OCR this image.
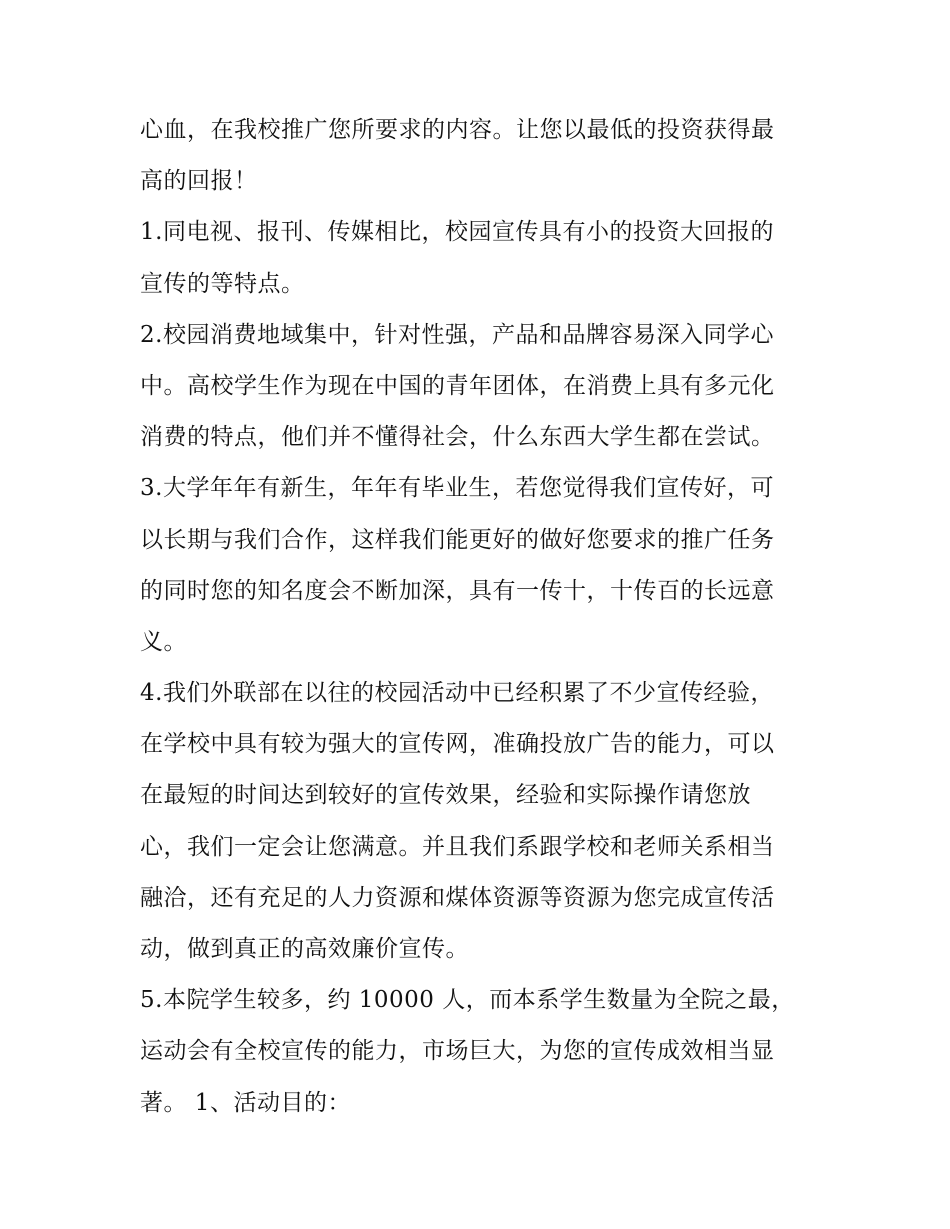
心血，在我校推广您所要求的内容。让您以最低的投资获得最
高的回报！
1.同电视、报刊、传媒相比，校园宣传具有小的投资大回报的
宣传的等特点。
2.校园消费地域集中，针对性强，产品和品牌容易深入同学心
中。高校学生作为现在中国的青年团体，在消费上具有多元化
消费的特点，他们并不懂得社会，什么东西大学生都在尝试。
3.大学年年有新生，年年有毕业生，若您觉得我们宣传好，可
以长期与我们合作，这样我们能更好的做好您要求的推广任务
的同时您的知名度会不断加深，具有一传十，十传百的长远意
义。
4.我们外联部在以往的校园活动中已经积累了不少宣传经验，
在学校中具有较为强大的宣传网，准确投放广告的能力，可以
在最短的时间达到较好的宣传效果，经验和实际操作请您放
心，我们一定会让您满意。并且我们系跟学校和老师关系相当
融洽，还有充足的人力资源和煤体资源等资源为您完成宣传活
动，做到真正的高效廉价宣传。
5.本院学生较多，约 10000 人，而本系学生数量为全院之最，
运动会有全校宣传的能力，市场巨大，为您的宣传成效相当显
著。 1、活动目的：
